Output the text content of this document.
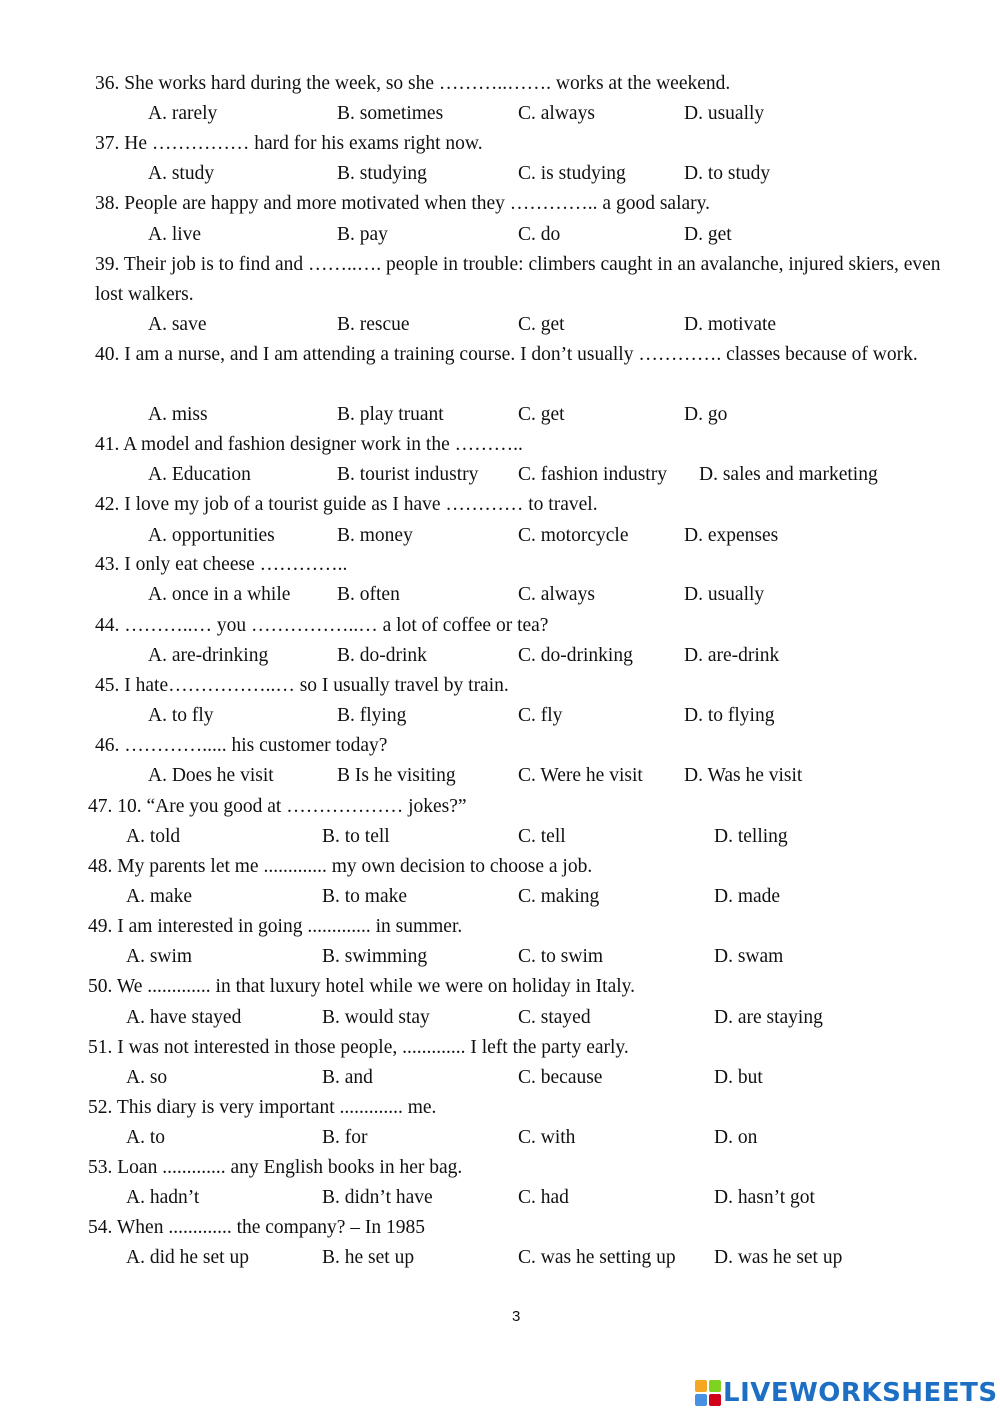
36. She works hard during the week, so she ………..……. works at the weekend.
A. rarely	B. sometimes	C. always	D. usually
37. He …………… hard for his exams right now.
A. study	B. studying	C. is studying	D. to study
38. People are happy and more motivated when they ………….. a good salary.
A. live	B. pay	C. do	D. get
39. Their job is to find and ……..…. people in trouble: climbers caught in an avalanche, injured skiers, even lost walkers.
A. save	B. rescue	C. get	D. motivate
40. I am a nurse, and I am attending a training course. I don’t usually …………. classes because of work.
A. miss	B. play truant	C. get	D. go
41. A model and fashion designer work in the ………..
A. Education	B. tourist industry C. fashion industry D. sales and marketing
42. I love my job of a tourist guide as I have ………… to travel.
A. opportunities	B. money	C. motorcycle	D. expenses
43. I only eat cheese …………..
A. once in a while B. often	C. always	D. usually
44. ………..… you ……………..… a lot of coffee or tea?
A. are-drinking	B. do-drink	C. do-drinking	D. are-drink
45. I hate……………..… so I usually travel by train.
A. to fly	B. flying	C. fly	D. to flying
46. …………..... his customer today?
A. Does he visit	B Is he visiting	C. Were he visit D. Was he visit
47. 10. “Are you good at ……………… jokes?”
A. told	B. to tell	C. tell	D. telling
48. My parents let me ............. my own decision to choose a job.
A. make	B. to make	C. making	D. made
49. I am interested in going ............. in summer.
A. swim	B. swimming	C. to swim	D. swam
50. We ............. in that luxury hotel while we were on holiday in Italy.
A. have stayed	B. would stay	C. stayed	D. are staying
51. I was not interested in those people, ............. I left the party early.
A. so	B. and	C. because	D. but
52. This diary is very important ............. me.
A. to	B. for	C. with	D. on
53. Loan ............. any English books in her bag.
A. hadn’t	B. didn’t have	C. had	D. hasn’t got
54. When ............. the company? – In 1985
A. did he set up	B. he set up	C. was he setting up D. was he set up
3
LIVEWORKSHEETS
